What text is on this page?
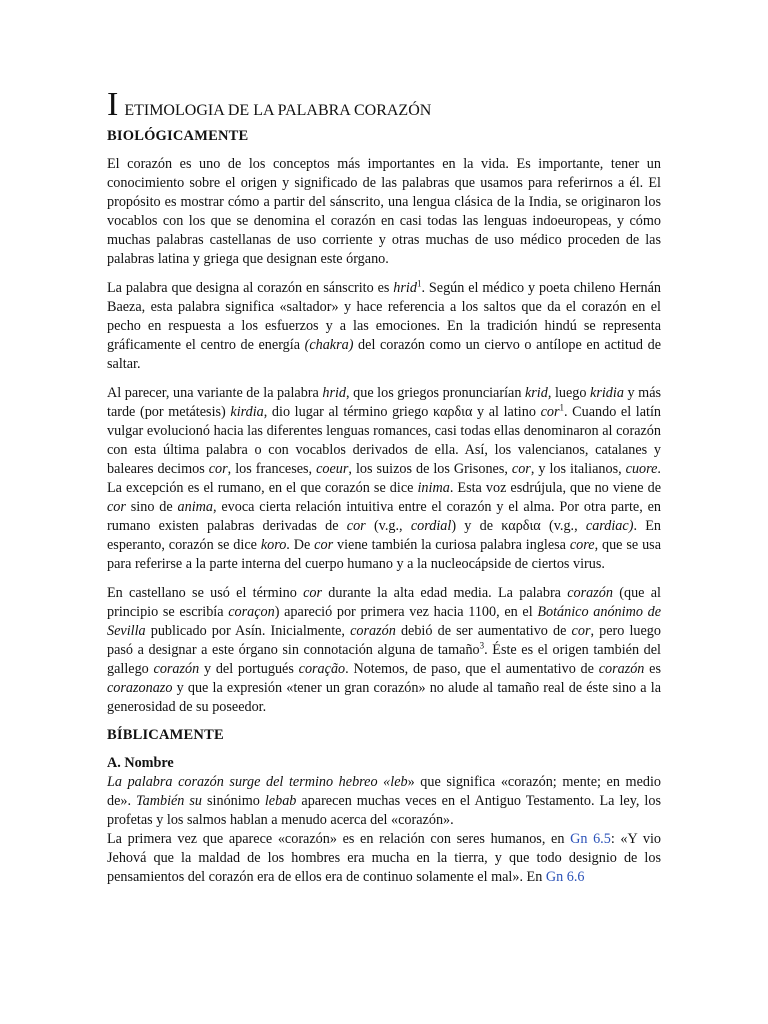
I ETIMOLOGIA DE LA PALABRA CORAZÓN
BIOLÓGICAMENTE

El corazón es uno de los conceptos más importantes en la vida. Es importante, tener un conocimiento sobre el origen y significado de las palabras que usamos para referirnos a él. El propósito es mostrar cómo a partir del sánscrito, una lengua clásica de la India, se originaron los vocablos con los que se denomina el corazón en casi todas las lenguas indoeuropeas, y cómo muchas palabras castellanas de uso corriente y otras muchas de uso médico proceden de las palabras latina y griega que designan este órgano.

La palabra que designa al corazón en sánscrito es hrid$^1$. Según el médico y poeta chileno Hernán Baeza, esta palabra significa «saltador» y hace referencia a los saltos que da el corazón en el pecho en respuesta a los esfuerzos y a las emociones. En la tradición hindú se representa gráficamente el centro de energía (chakra) del corazón como un ciervo o antílope en actitud de saltar.

Al parecer, una variante de la palabra hrid, que los griegos pronunciarían krid, luego kridia y más tarde (por metátesis) kirdia, dio lugar al término griego καρδια y al latino cor$^1$. Cuando el latín vulgar evolucionó hacia las diferentes lenguas romances, casi todas ellas denominaron al corazón con esta última palabra o con vocablos derivados de ella. Así, los valencianos, catalanes y baleares decimos cor, los franceses, coeur, los suizos de los Grisones, cor, y los italianos, cuore. La excepción es el rumano, en el que corazón se dice inima. Esta voz esdrújula, que no viene de cor sino de anima, evoca cierta relación intuitiva entre el corazón y el alma. Por otra parte, en rumano existen palabras derivadas de cor (v.g., cordial) y de καρδια (v.g., cardiac). En esperanto, corazón se dice koro. De cor viene también la curiosa palabra inglesa core, que se usa para referirse a la parte interna del cuerpo humano y a la nucleocápside de ciertos virus.

En castellano se usó el término cor durante la alta edad media. La palabra corazón (que al principio se escribía coraçon) apareció por primera vez hacia 1100, en el Botánico anónimo de Sevilla publicado por Asín. Inicialmente, corazón debió de ser aumentativo de cor, pero luego pasó a designar a este órgano sin connotación alguna de tamaño$^3$. Éste es el origen también del gallego corazón y del portugués coração. Notemos, de paso, que el aumentativo de corazón es corazonazo y que la expresión «tener un gran corazón» no alude al tamaño real de éste sino a la generosidad de su poseedor.

BÍBLICAMENTE
A. Nombre

La palabra corazón surge del termino hebreo «leb» que significa «corazón; mente; en medio de». También su sinónimo lebab aparecen muchas veces en el Antiguo Testamento. La ley, los profetas y los salmos hablan a menudo acerca del «corazón».

La primera vez que aparece «corazón» es en relación con seres humanos, en Gn 6.5: «Y vio Jehová que la maldad de los hombres era mucha en la tierra, y que todo designio de los pensamientos del corazón era de ellos era de continuo solamente el mal». En Gn 6.6
